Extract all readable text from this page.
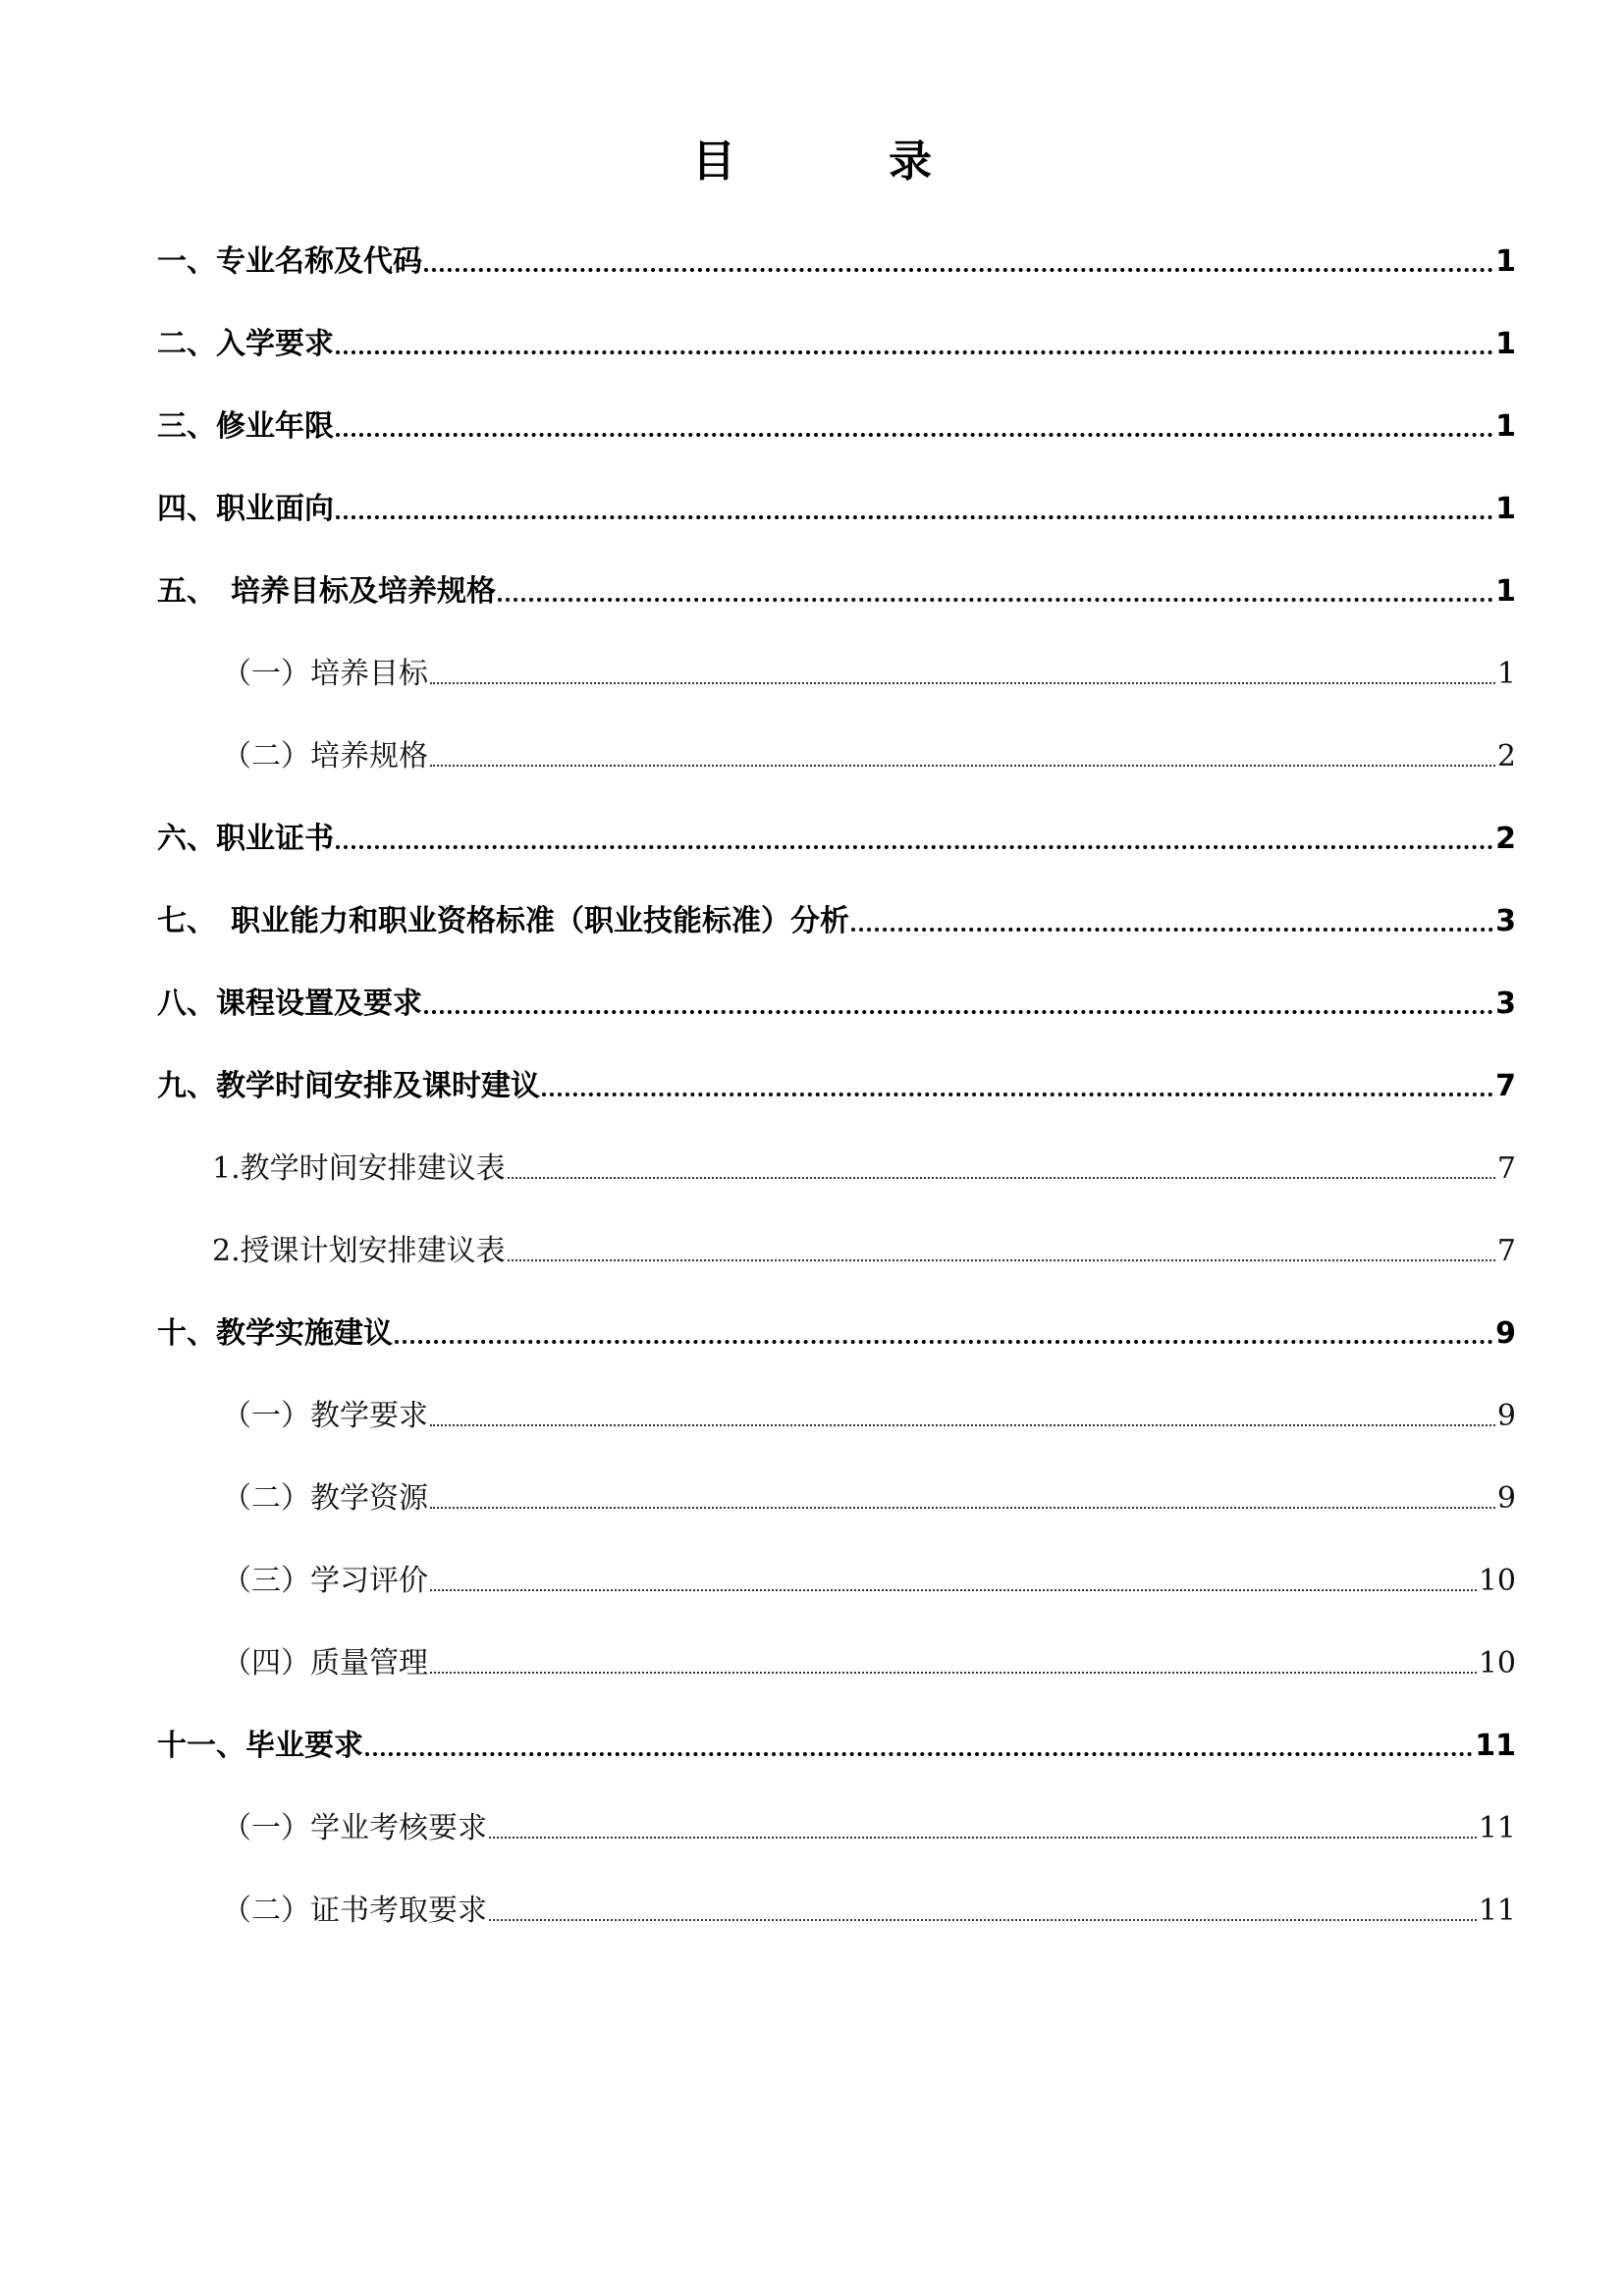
目　录
一、专业名称及代码	1
二、入学要求	1
三、修业年限	1
四、职业面向	1
五、　培养目标及培养规格	1
（一）培养目标	1
（二）培养规格	2
六、职业证书	2
七、　职业能力和职业资格标准（职业技能标准）分析	3
八、课程设置及要求	3
九、教学时间安排及课时建议	7
1.教学时间安排建议表	7
2.授课计划安排建议表	7
十、教学实施建议	9
（一）教学要求	9
（二）教学资源	9
（三）学习评价	10
（四）质量管理	10
十一、毕业要求	11
（一）学业考核要求	11
（二）证书考取要求	11
